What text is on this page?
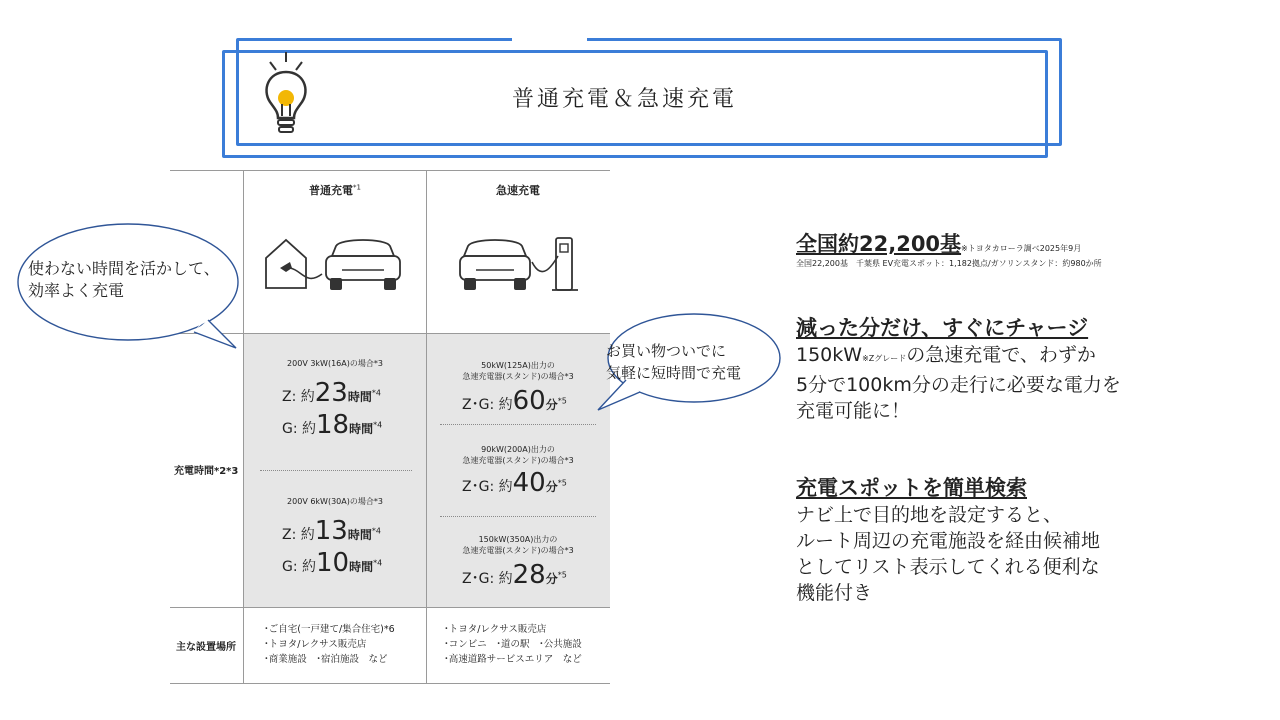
普通充電＆急速充電
普通充電$^{*1}$	急速充電
充電時間*2*3
主な設置場所
200V 3kW(16A)の場合*3
Z: 約23時間$^{*4}$
G: 約18時間$^{*4}$
200V 6kW(30A)の場合*3
Z: 約13時間$^{*4}$
G: 約10時間$^{*4}$
50kW(125A)出力の
急速充電器(スタンド)の場合*3
Z･G: 約60分$^{*5}$
90kW(200A)出力の
急速充電器(スタンド)の場合*3
Z･G: 約40分$^{*5}$
150kW(350A)出力の
急速充電器(スタンド)の場合*3
Z･G: 約28分$^{*5}$
･ご自宅(一戸建て/集合住宅)*6
･トヨタ/レクサス販売店
･商業施設　･宿泊施設　など
･トヨタ/レクサス販売店
･コンビニ　･道の駅　･公共施設
･高速道路サービスエリア　など
使わない時間を活かして、
効率よく充電
お買い物ついでに
気軽に短時間で充電
全国約22,200基※トヨタカローラ調べ2025年9月
全国22,200基　千葉県 EV充電スポット：1,182拠点/ガソリンスタンド：約980か所
減った分だけ、すぐにチャージ
150kW※Zグレードの急速充電で、わずか
5分で100km分の走行に必要な電力を
充電可能に！
充電スポットを簡単検索
ナビ上で目的地を設定すると、
ルート周辺の充電施設を経由候補地
としてリスト表示してくれる便利な
機能付き
